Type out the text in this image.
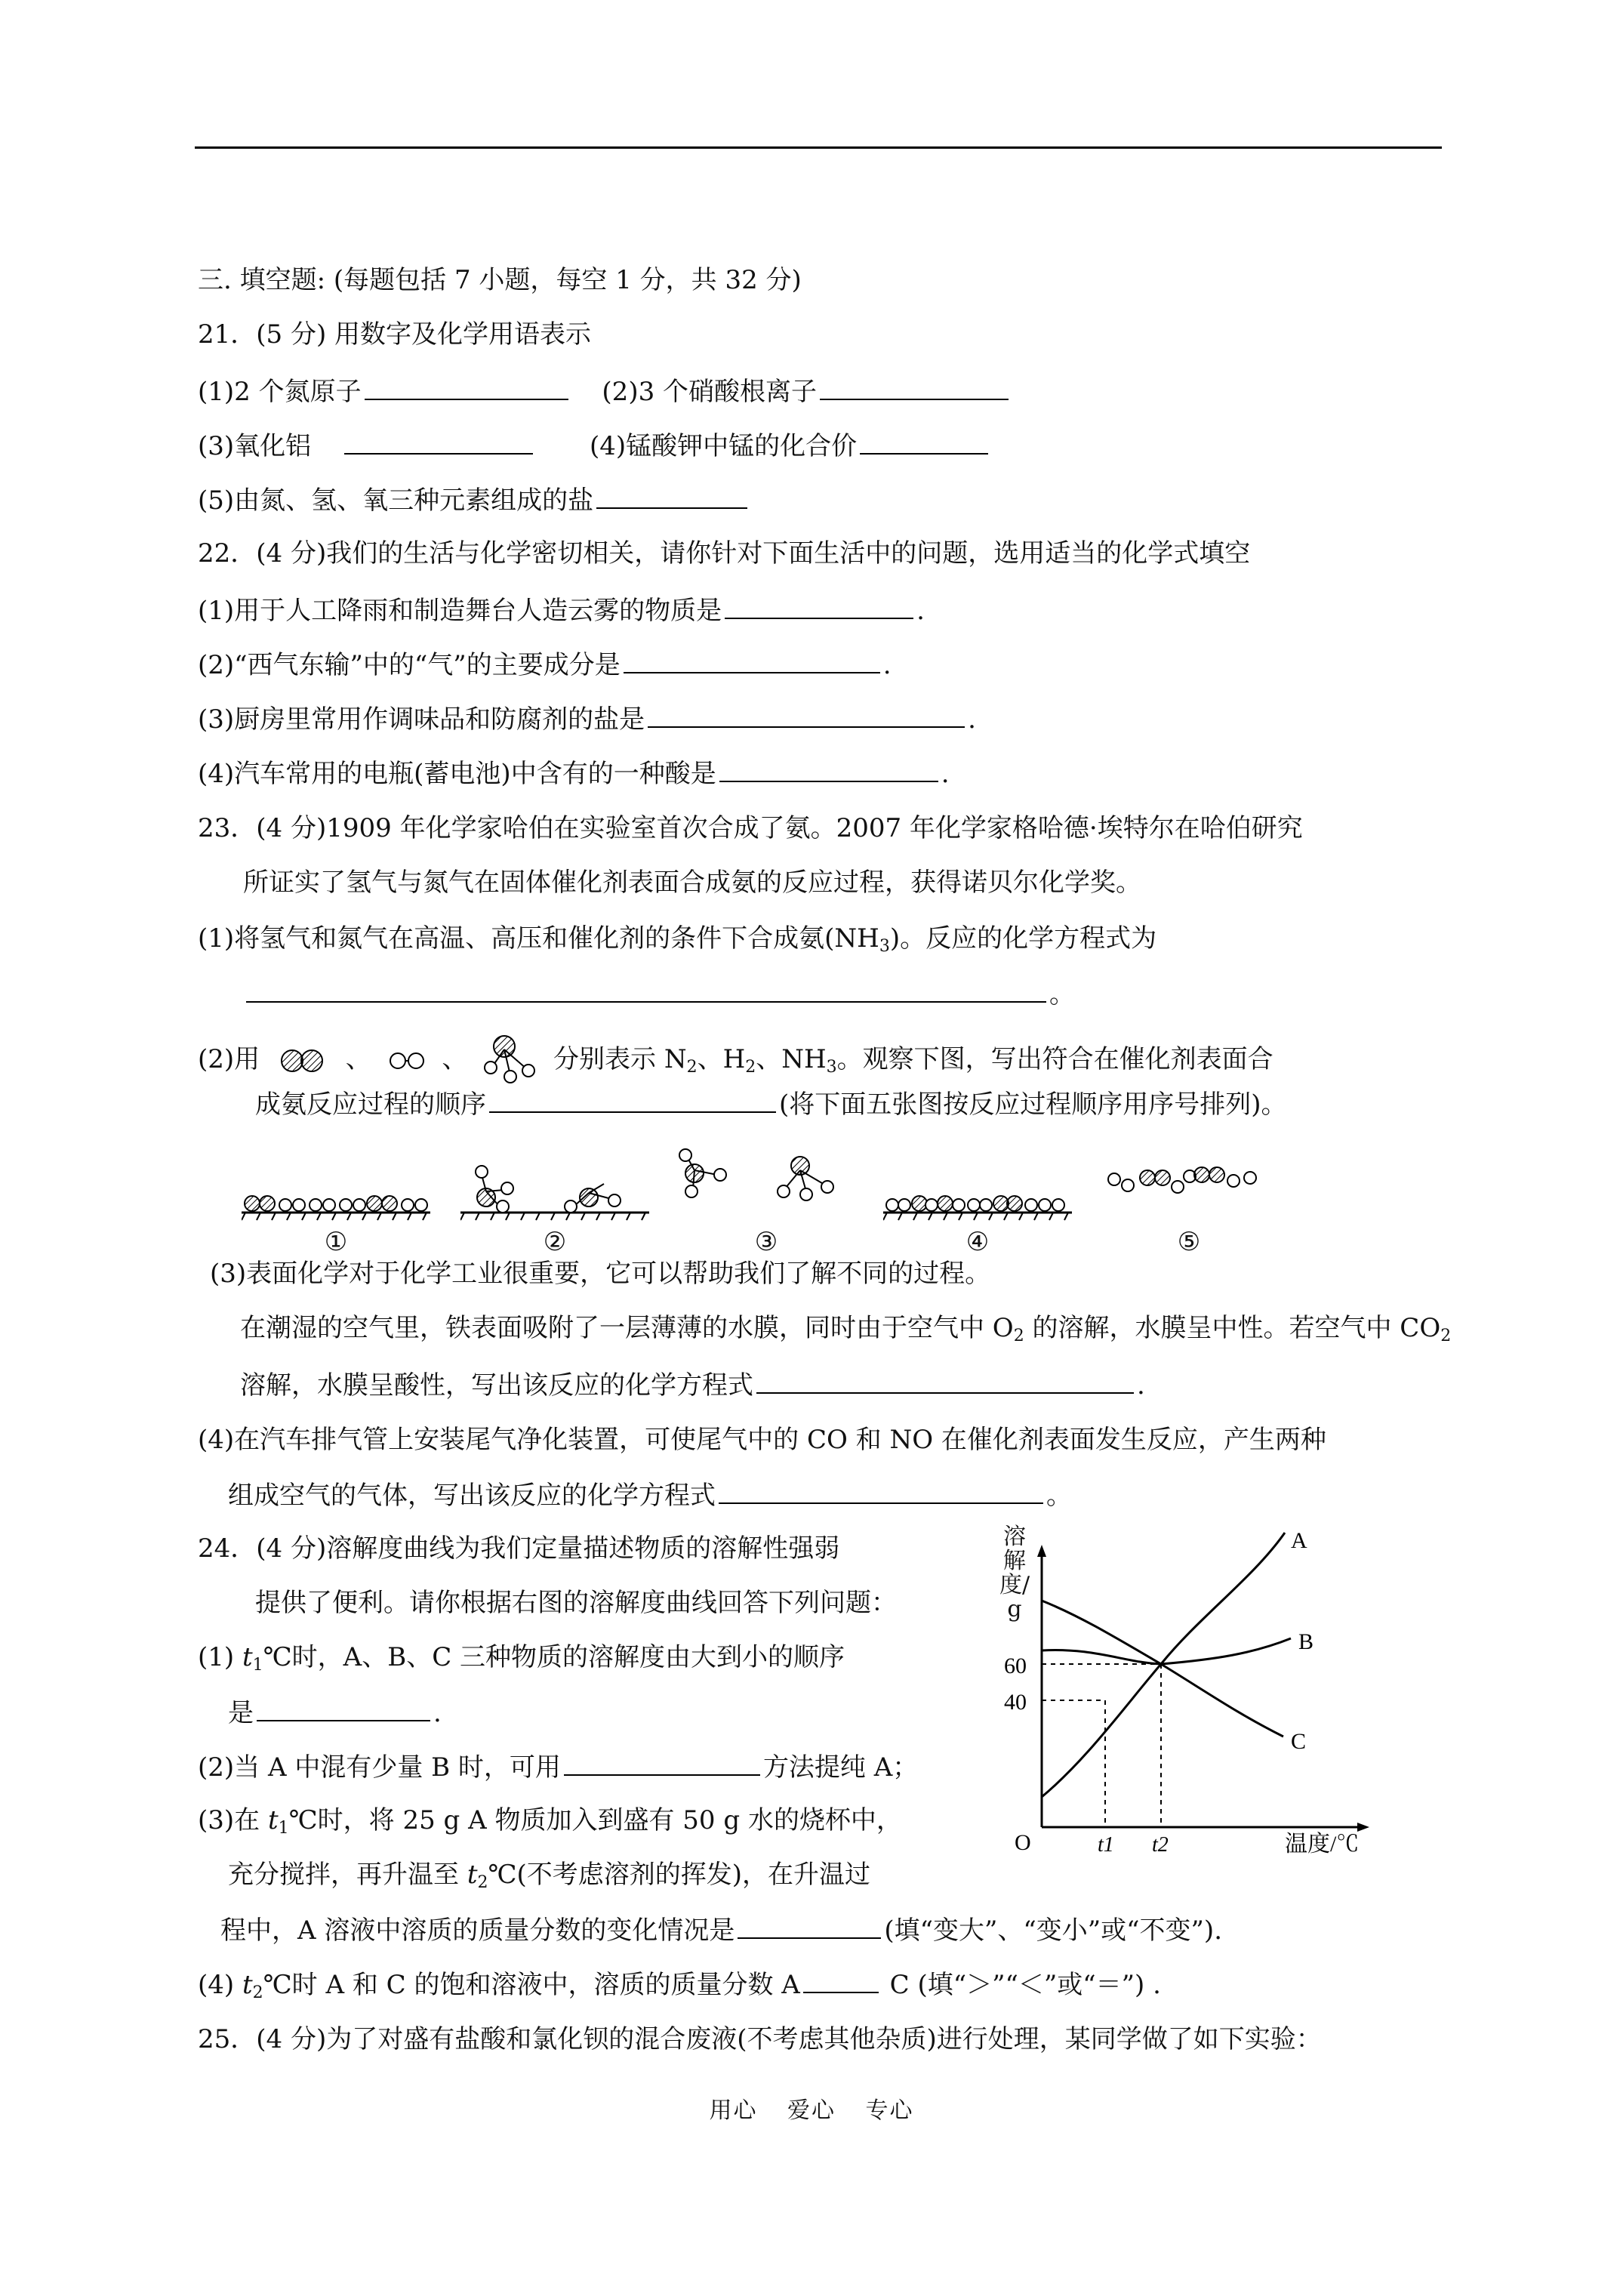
三. 填空题: (每题包括 7 小题，每空 1 分，共 32 分)
21．(5 分) 用数字及化学用语表示
(1)2 个氮原子	(2)3 个硝酸根离子
(3)氧化铝	(4)锰酸钾中锰的化合价
(5)由氮、氢、氧三种元素组成的盐
22．(4 分)我们的生活与化学密切相关，请你针对下面生活中的问题，选用适当的化学式填空
(1)用于人工降雨和制造舞台人造云雾的物质是	.
(2)“西气东输”中的“气”的主要成分是	.
(3)厨房里常用作调味品和防腐剂的盐是	.
(4)汽车常用的电瓶(蓄电池)中含有的一种酸是	.
23．(4 分)1909 年化学家哈伯在实验室首次合成了氨。2007 年化学家格哈德·埃特尔在哈伯研究
所证实了氢气与氮气在固体催化剂表面合成氨的反应过程，获得诺贝尔化学奖。
(1)将氢气和氮气在高温、高压和催化剂的条件下合成氨$(NH_3)$。反应的化学方程式为
。
(2)用	、	、	分别表示 $N_2$、$H_2$、$NH_3$。观察下图，写出符合在催化剂表面合
成氨反应过程的顺序	(将下面五张图按反应过程顺序用序号排列)。
①	②	③	④	⑤
(3)表面化学对于化学工业很重要，它可以帮助我们了解不同的过程。
在潮湿的空气里，铁表面吸附了一层薄薄的水膜，同时由于空气中 $O_2$ 的溶解，水膜呈中性。若空气中 $CO_2$
溶解，水膜呈酸性，写出该反应的化学方程式	.
(4)在汽车排气管上安装尾气净化装置，可使尾气中的 CO 和 NO 在催化剂表面发生反应，产生两种
组成空气的气体，写出该反应的化学方程式	。
24．(4 分)溶解度曲线为我们定量描述物质的溶解性强弱
提供了便利。请你根据右图的溶解度曲线回答下列问题：
(1) $t_1℃$时，A、B、C 三种物质的溶解度由大到小的顺序
是	.
(2)当 A 中混有少量 B 时，可用	方法提纯 A；
(3)在 $t_1℃$时，将 25 g A 物质加入到盛有 50 g 水的烧杯中，
充分搅拌，再升温至 $t_2℃$(不考虑溶剂的挥发)，在升温过
程中，A 溶液中溶质的质量分数的变化情况是	(填“变大”、“变小”或“不变”).
(4) $t_2℃$时 A 和 C 的饱和溶液中，溶质的质量分数 A	C (填“＞”“＜”或“＝”) .
25．(4 分)为了对盛有盐酸和氯化钡的混合废液(不考虑其他杂质)进行处理，某同学做了如下实验：
60
40
O	t1 t2	温度/℃
A
B
C
溶解度/g
用心 爱心 专心
